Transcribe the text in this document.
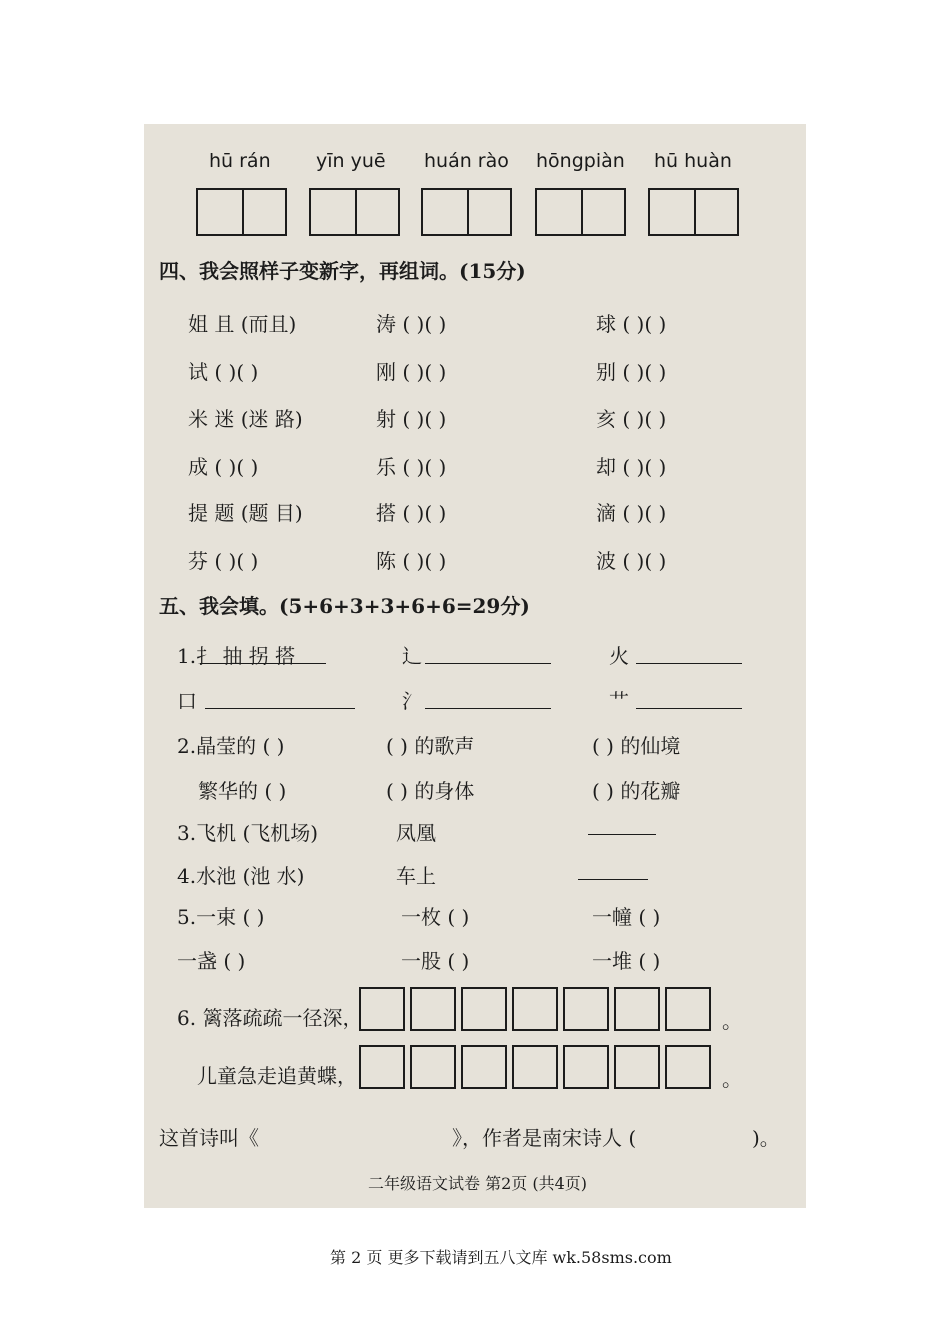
hū rán yīn yuē huán rào hōngpiàn hū huàn
四、我会照样子变新字，再组词。(15分)
姐 且 (而且)	涛 ( )( )	球 ( )( )
试 ( )( )	刚 ( )( )	别 ( )( )
米 迷 (迷 路)	射 ( )( )	亥 ( )( )
成 ( )( )	乐 ( )( )	却 ( )( )
提 题 (题 目)	搭 ( )( )	滴 ( )( )
芬 ( )( )	陈 ( )( )	波 ( )( )
五、我会填。(5+6+3+3+6+6=29分)
1.扌 抽 拐 搭	辶	火
口	氵	艹
2.晶莹的 ( )	( ) 的歌声	( ) 的仙境
繁华的 ( )	( ) 的身体	( ) 的花瓣
3.飞机 (飞机场)	凤凰
4.水池 (池 水)	车上
5.一束 ( )	一枚 ( )	一幢 ( )
一盏 ( )	一股 ( )	一堆 ( )
6. 篱落疏疏一径深，	。
儿童急走追黄蝶，	。
这首诗叫《	》，作者是南宋诗人 (	)。
二年级语文试卷 第2页 (共4页)
第 2 页 更多下载请到五八文库 wk.58sms.com
